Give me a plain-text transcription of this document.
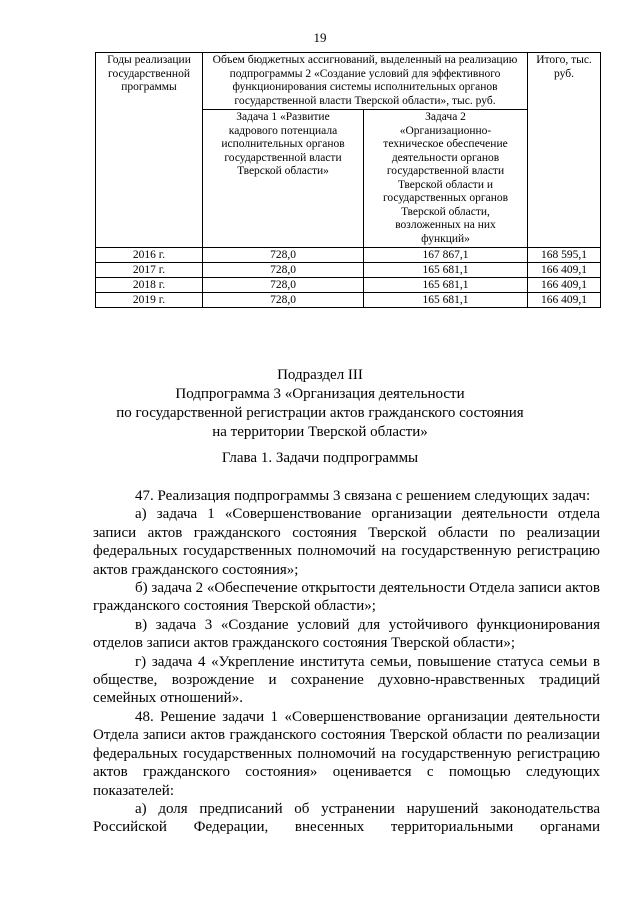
19
Годы реализации государственной программы	Объем бюджетных ассигнований, выделенный на реализацию подпрограммы 2 «Создание условий для эффективного функционирования системы исполнительных органов государственной власти Тверской области», тыс. руб.		Итого, тыс. руб.
	Задача 1 «Развитие кадрового потенциала исполнительных органов государственной власти Тверской области»	Задача 2 «Организационно-техническое обеспечение деятельности органов государственной власти Тверской области и государственных органов Тверской области, возложенных на них функций»	
2016 г.	728,0	167 867,1	168 595,1
2017 г.	728,0	165 681,1	166 409,1
2018 г.	728,0	165 681,1	166 409,1
2019 г.	728,0	165 681,1	166 409,1
Подраздел III
Подпрограмма 3 «Организация деятельности
по государственной регистрации актов гражданского состояния
на территории Тверской области»
Глава 1. Задачи подпрограммы

47. Реализация подпрограммы 3 связана с решением следующих задач:

а) задача 1 «Совершенствование организации деятельности отдела записи актов гражданского состояния Тверской области по реализации федеральных государственных полномочий на государственную регистрацию актов гражданского состояния»;

б) задача 2 «Обеспечение открытости деятельности Отдела записи актов гражданского состояния Тверской области»;

в) задача 3 «Создание условий для устойчивого функционирования отделов записи актов гражданского состояния Тверской области»;

г) задача 4 «Укрепление института семьи, повышение статуса семьи в обществе, возрождение и сохранение духовно-нравственных традиций семейных отношений».

48. Решение задачи 1 «Совершенствование организации деятельности Отдела записи актов гражданского состояния Тверской области по реализации федеральных государственных полномочий на государственную регистрацию актов гражданского состояния» оценивается с помощью следующих показателей:

а) доля предписаний об устранении нарушений законодательства Российской Федерации, внесенных территориальными органами
